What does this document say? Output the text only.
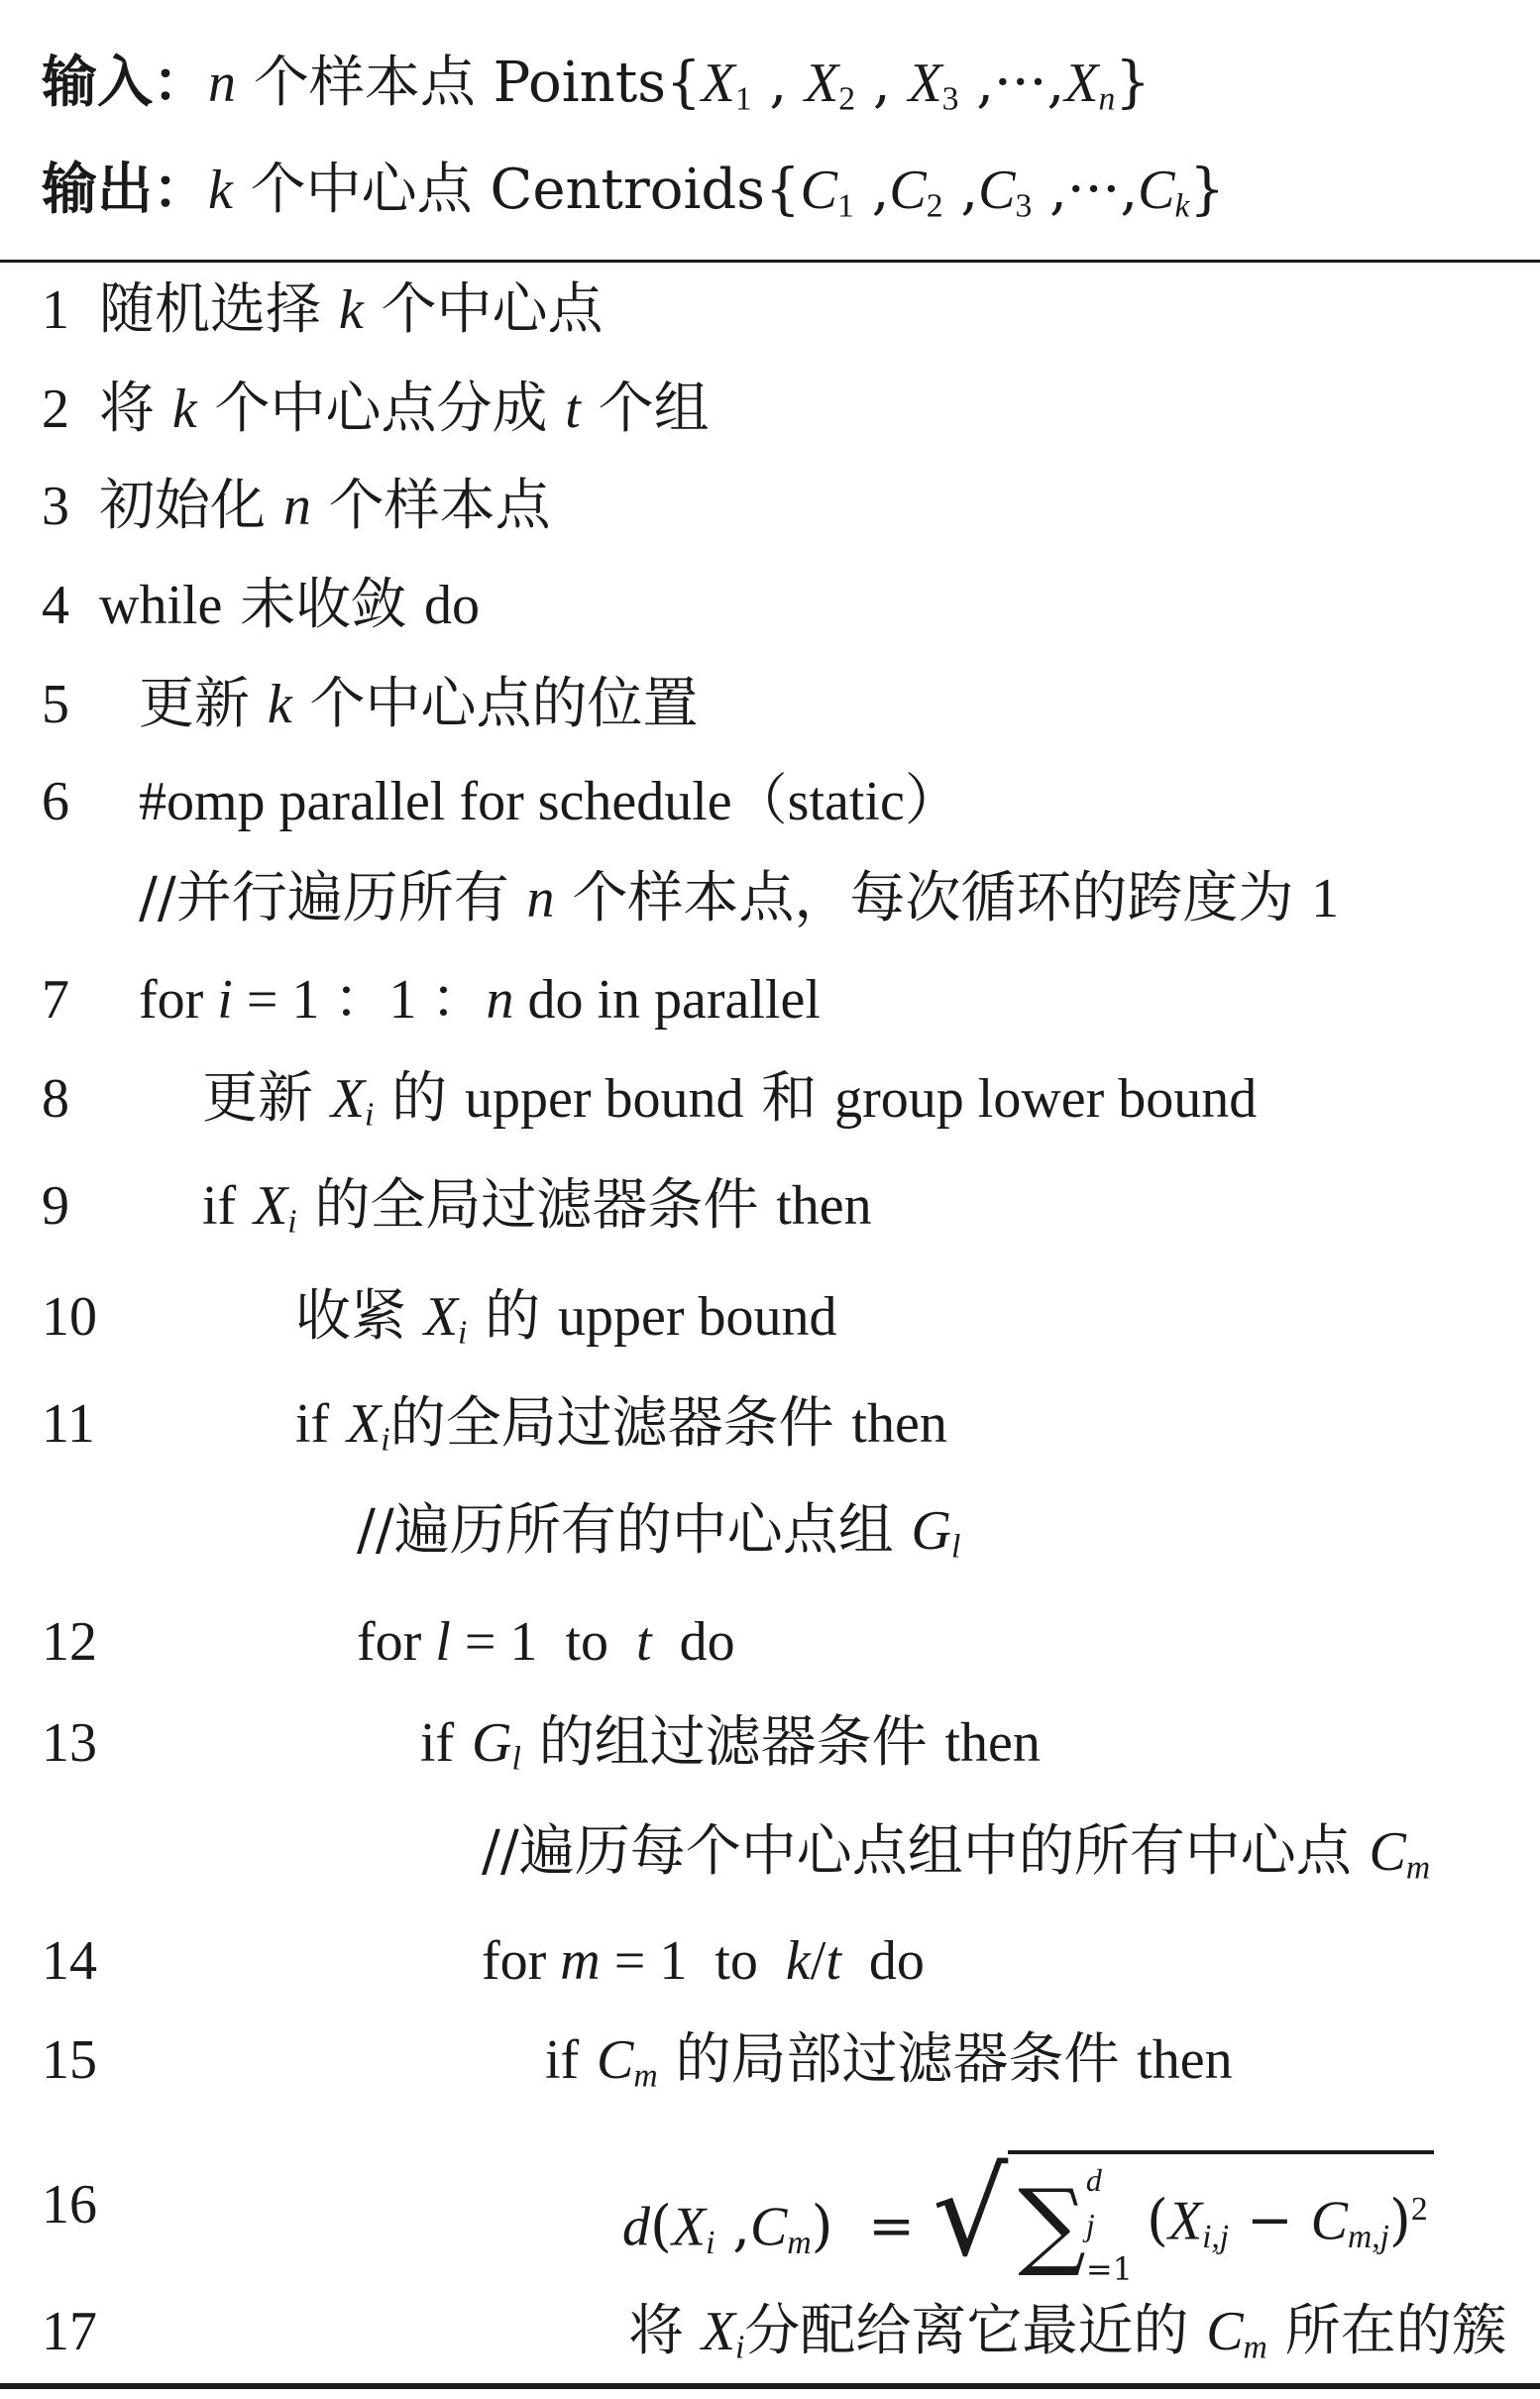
输入：n 个样本点 $Points\{X_1$ , $X_2$ , $X_3$ $,\cdot\cdot\cdot,X_n$}
输出：k 个中心点 $Centroids\{C_1$ $,C_2$ $,C_3$ $,\cdot\cdot\cdot,C_k$}
1 随机选择 k 个中心点
2 将 k 个中心点分成 t 个组
3 初始化 n 个样本点
4 while 未收敛 do
5	更新 k 个中心点的位置
6	#omp parallel for schedule（static）
//并行遍历所有 n 个样本点，每次循环的跨度为 1
7	for i = 1 ：1 ：n do in parallel
8	更新 $X_i$ 的 upper bound 和 group lower bound
9	if $X_i$ 的全局过滤器条件 then
10	收紧 $X_i$ 的 upper bound
11	if $X_i$的全局过滤器条件 then
//遍历所有的中心点组 $G_l$
12	for l = 1  to  t  do
13	if $G_l$ 的组过滤器条件 then
//遍历每个中心点组中的所有中心点 $C_m$
14	for m = 1  to  k/t  do
15	if $C_m$ 的局部过滤器条件 then
16	$d(X_i$ $,C_m$)  = √ ∑ d
j
=1
$(X_{i,j} - C_{m,j})^2$
17	将 $X_i$分配给离它最近的 $C_m$ 所在的簇
